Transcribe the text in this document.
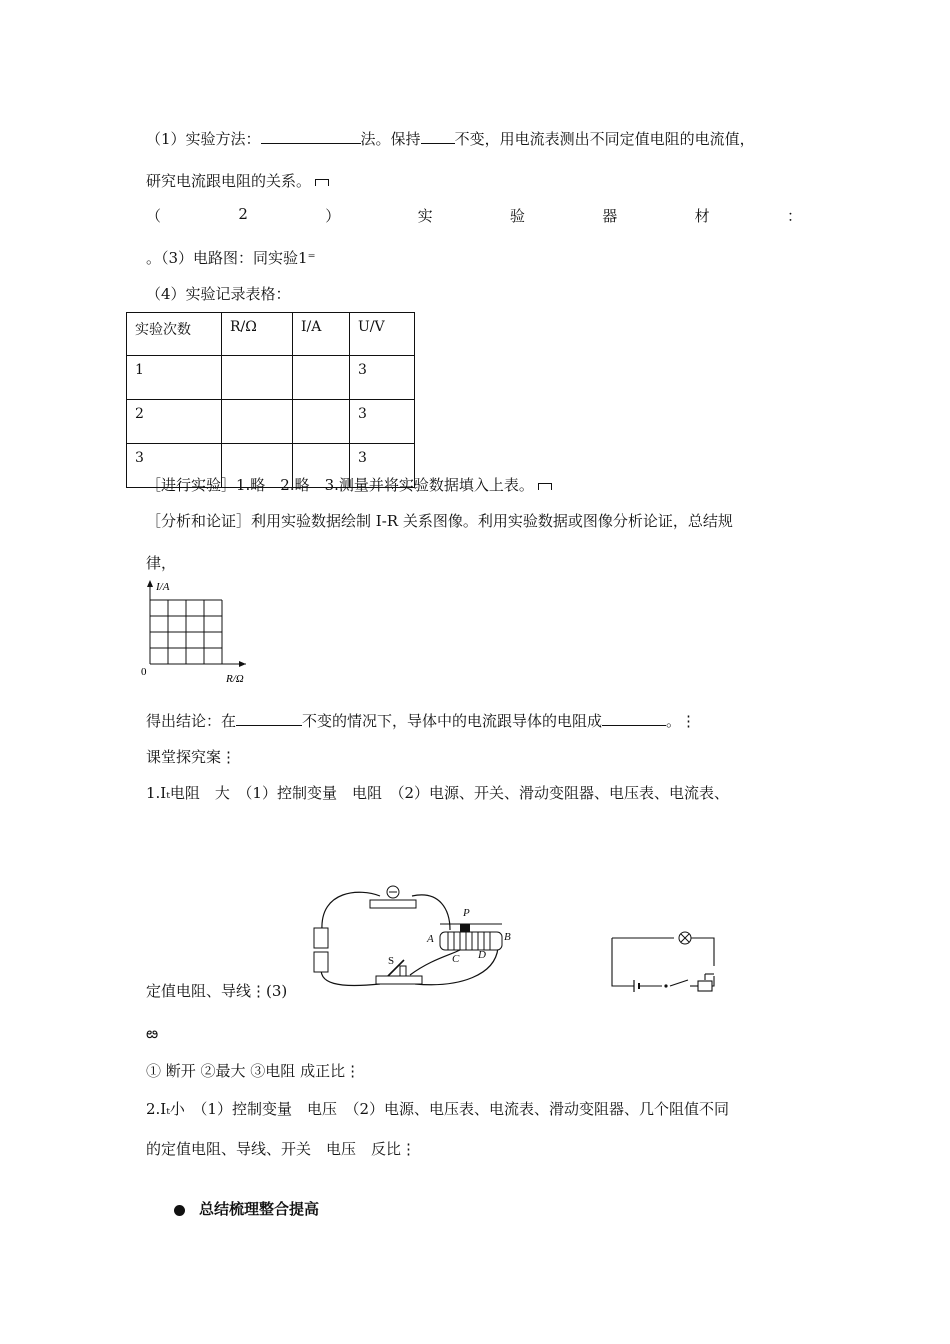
（1）实验方法：	法。保持 不变，用电流表测出不同定值电阻的电流值，
研究电流跟电阻的关系。
（	2	）	实	验	器	材	：
。（3）电路图：同实验1⁼
（4）实验记录表格：
实验次数	R/Ω	I/A	U/V
1			3
2			3
3			3
［进行实验］1.略　2.略　3.测量并将实验数据填入上表。
［分析和论证］利用实验数据绘制 I-R 关系图像。利用实验数据或图像分析论证，总结规
律，
I/A
R/Ω
0
得出结论：在	不变的情况下，导体中的电流跟导体的电阻成	。⋮
课堂探究案⋮
1.Iₜ电阻　大　（1）控制变量　电阻　（2）电源、开关、滑动变阻器、电压表、电流表、
S
P
A	B
C D
定值电阻、导线⋮(3)
ఴ
① 断开 ②最大 ③电阻 成正比⋮
2.Iₜ小　（1）控制变量　电压　（2）电源、电压表、电流表、滑动变阻器、几个阻值不同
的定值电阻、导线、开关　电压　反比⋮
总结梳理整合提高
